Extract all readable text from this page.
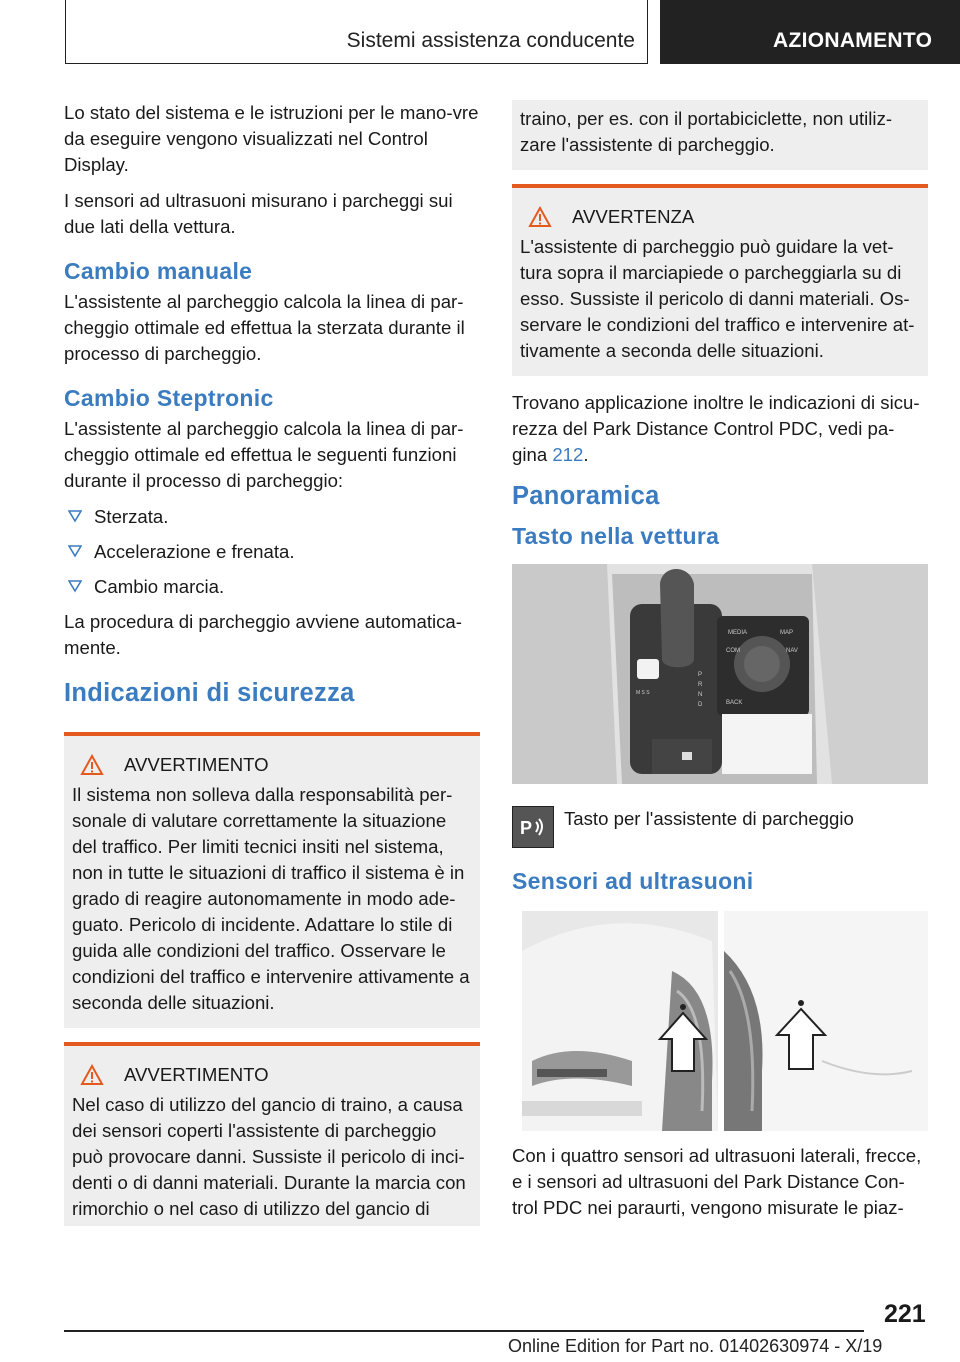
Sistemi assistenza conducente	AZIONAMENTO

Lo stato del sistema e le istruzioni per le mano-vre da eseguire vengono visualizzati nel Control Display.

I sensori ad ultrasuoni misurano i parcheggi sui due lati della vettura.

Cambio manuale

L'assistente al parcheggio calcola la linea di par-cheggio ottimale ed effettua la sterzata durante il processo di parcheggio.

Cambio Steptronic

L'assistente al parcheggio calcola la linea di par-cheggio ottimale ed effettua le seguenti funzioni durante il processo di parcheggio:

Sterzata.
Accelerazione e frenata.
Cambio marcia.

La procedura di parcheggio avviene automatica-mente.

Indicazioni di sicurezza
AVVERTIMENTO

Il sistema non solleva dalla responsabilità per-sonale di valutare correttamente la situazione del traffico. Per limiti tecnici insiti nel sistema, non in tutte le situazioni di traffico il sistema è in grado di reagire autonomamente in modo ade-guato. Pericolo di incidente. Adattare lo stile di guida alle condizioni del traffico. Osservare le condizioni del traffico e intervenire attivamente a seconda delle situazioni.

AVVERTIMENTO

Nel caso di utilizzo del gancio di traino, a causa dei sensori coperti l'assistente di parcheggio può provocare danni. Sussiste il pericolo di inci-denti o di danni materiali. Durante la marcia con rimorchio o nel caso di utilizzo del gancio di

traino, per es. con il portabiciclette, non utiliz-zare l'assistente di parcheggio.

AVVERTENZA

L'assistente di parcheggio può guidare la vet-tura sopra il marciapiede o parcheggiarla su di esso. Sussiste il pericolo di danni materiali. Os-servare le condizioni del traffico e intervenire at-tivamente a seconda delle situazioni.

Trovano applicazione inoltre le indicazioni di sicu-rezza del Park Distance Control PDC, vedi pa-gina 212.

Panoramica
Tasto nella vettura
MEDIA	MAP
COM	NAV
BACK
M S S
P
R
N
D
P Tasto per l'assistente di parcheggio

Sensori ad ultrasuoni

Con i quattro sensori ad ultrasuoni laterali, frecce, e i sensori ad ultrasuoni del Park Distance Con-trol PDC nei paraurti, vengono misurate le piaz-

221
Online Edition for Part no. 01402630974 - X/19
